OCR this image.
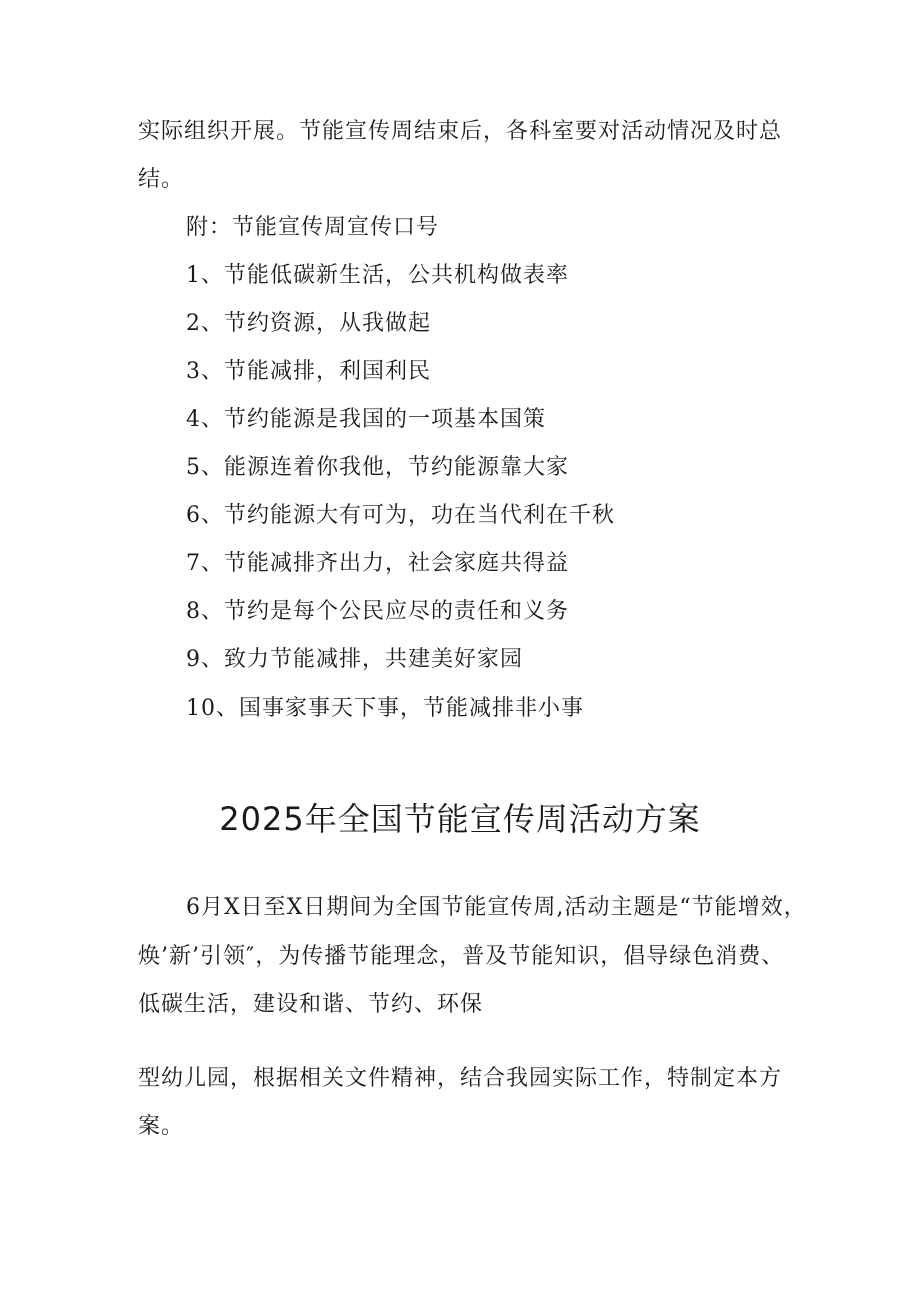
实际组织开展。节能宣传周结束后，各科室要对活动情况及时总
结。
附：节能宣传周宣传口号
1、节能低碳新生活，公共机构做表率
2、节约资源，从我做起
3、节能减排，利国利民
4、节约能源是我国的一项基本国策
5、能源连着你我他，节约能源靠大家
6、节约能源大有可为，功在当代利在千秋
7、节能减排齐出力，社会家庭共得益
8、节约是每个公民应尽的责任和义务
9、致力节能减排，共建美好家园
10、国事家事天下事，节能减排非小事
2025年全国节能宣传周活动方案
6月X日至X日期间为全国节能宣传周,活动主题是“节能增效，
焕’新’引领″，为传播节能理念，普及节能知识，倡导绿色消费、
低碳生活，建设和谐、节约、环保
型幼儿园，根据相关文件精神，结合我园实际工作，特制定本方
案。
